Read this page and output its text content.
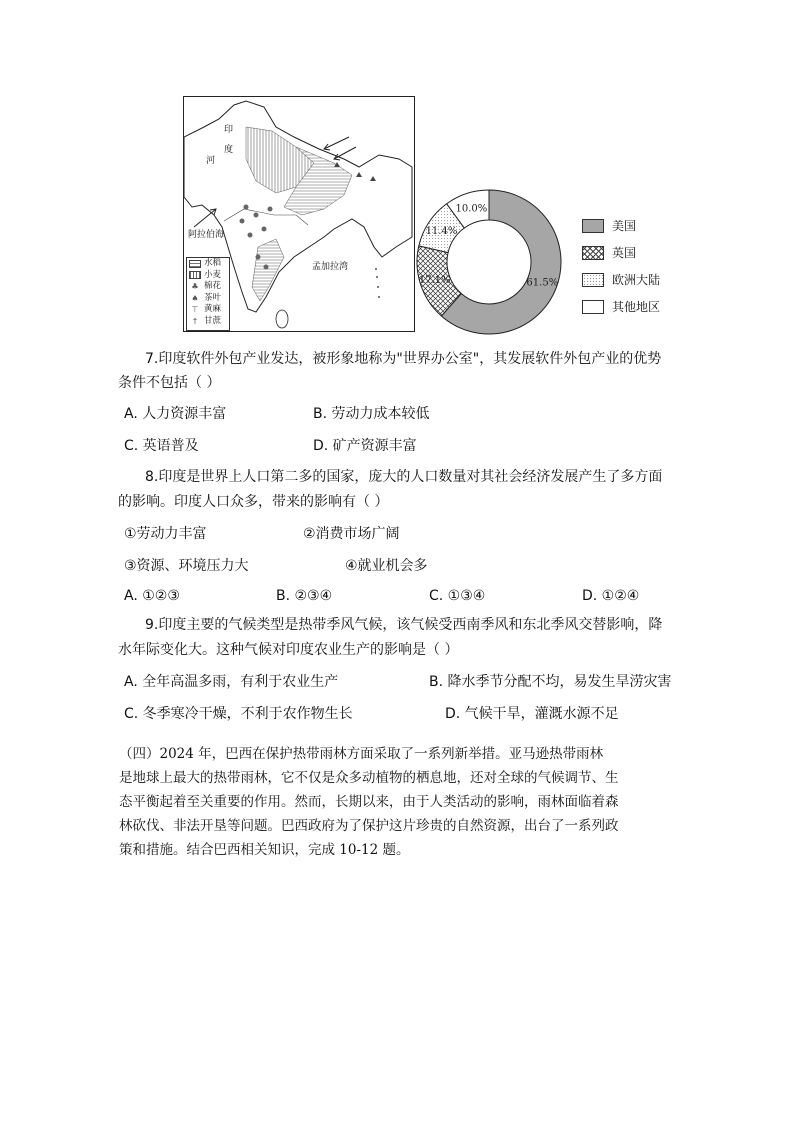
印
度
河
阿拉伯海
孟加拉湾
水稻
小麦
♣ 棉花
♠ 茶叶
⊤ 黄麻
↑ 甘蔗
61.5%
17.1%
11.4%
10.0%
美国
英国
欧洲大陆
其他地区
7.印度软件外包产业发达，被形象地称为"世界办公室"，其发展软件外包产业的优势
条件不包括（ ）
A. 人力资源丰富	B. 劳动力成本较低
C. 英语普及	D. 矿产资源丰富
8.印度是世界上人口第二多的国家，庞大的人口数量对其社会经济发展产生了多方面
的影响。印度人口众多，带来的影响有（ ）
①劳动力丰富	②消费市场广阔
③资源、环境压力大	④就业机会多
A. ①②③	B. ②③④	C. ①③④	D. ①②④
9.印度主要的气候类型是热带季风气候，该气候受西南季风和东北季风交替影响，降
水年际变化大。这种气候对印度农业生产的影响是（ ）
A. 全年高温多雨，有利于农业生产	B. 降水季节分配不均，易发生旱涝灾害
C. 冬季寒冷干燥，不利于农作物生长	D. 气候干旱，灌溉水源不足
（四）2024 年，巴西在保护热带雨林方面采取了一系列新举措。亚马逊热带雨林
是地球上最大的热带雨林，它不仅是众多动植物的栖息地，还对全球的气候调节、生
态平衡起着至关重要的作用。然而，长期以来，由于人类活动的影响，雨林面临着森
林砍伐、非法开垦等问题。巴西政府为了保护这片珍贵的自然资源，出台了一系列政
策和措施。结合巴西相关知识，完成 10-12 题。
